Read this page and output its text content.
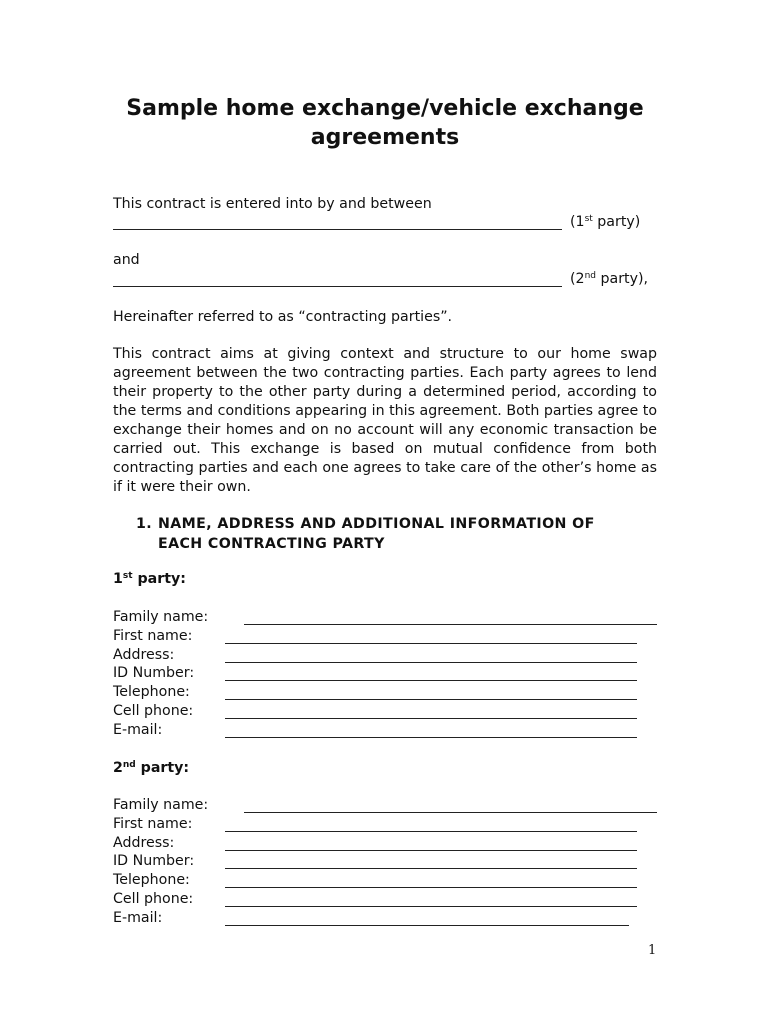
Sample home exchange/vehicle exchange
agreements
This contract is entered into by and between
(1st party)
and
(2nd party),
Hereinafter referred to as “contracting parties”.
This contract aims at giving context and structure to our home swap agreement between the two contracting parties. Each party agrees to lend their property to the other party during a determined period, according to the terms and conditions appearing in this agreement. Both parties agree to exchange their homes and on no account will any economic transaction be carried out. This exchange is based on mutual confidence from both contracting parties and each one agrees to take care of the other’s home as if it were their own.
1. NAME, ADDRESS AND ADDITIONAL INFORMATION OF
EACH CONTRACTING PARTY
1st party:
Family name:
First name:
Address:
ID Number:
Telephone:
Cell phone:
E-mail:
2nd party:
Family name:
First name:
Address:
ID Number:
Telephone:
Cell phone:
E-mail:
1
